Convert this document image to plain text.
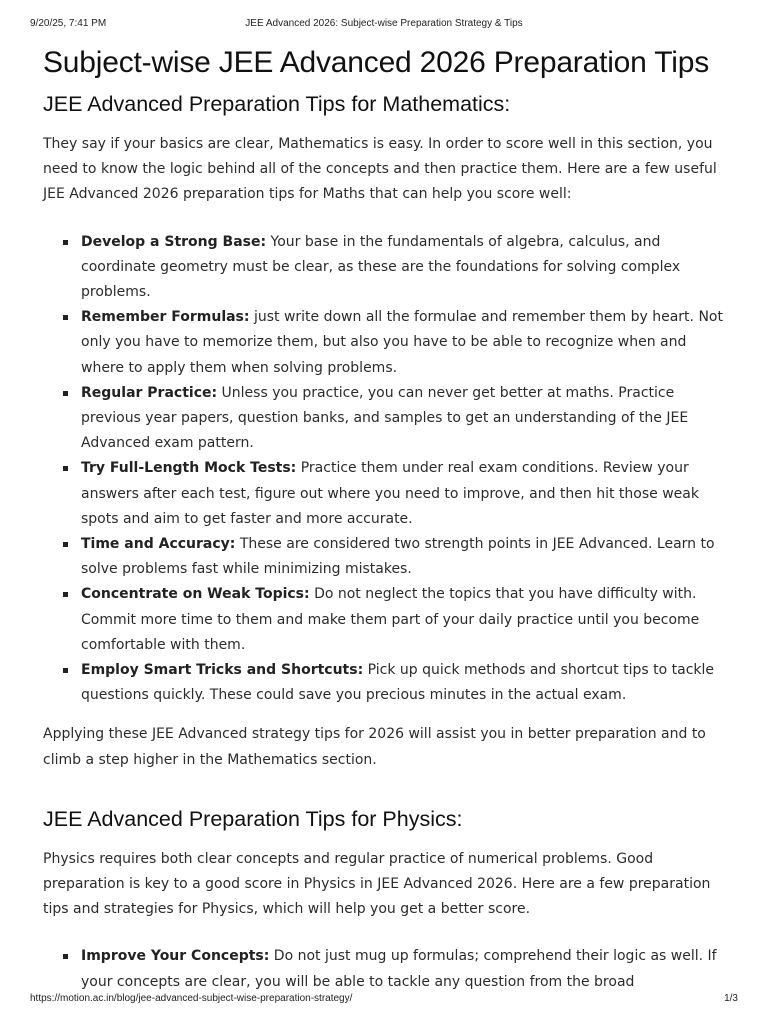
9/20/25, 7:41 PM	JEE Advanced 2026: Subject-wise Preparation Strategy & Tips
Subject-wise JEE Advanced 2026 Preparation Tips
JEE Advanced Preparation Tips for Mathematics:

They say if your basics are clear, Mathematics is easy. In order to score well in this section, you need to know the logic behind all of the concepts and then practice them. Here are a few useful JEE Advanced 2026 preparation tips for Maths that can help you score well:

Develop a Strong Base: Your base in the fundamentals of algebra, calculus, and coordinate geometry must be clear, as these are the foundations for solving complex problems.
Remember Formulas: just write down all the formulae and remember them by heart. Not only you have to memorize them, but also you have to be able to recognize when and where to apply them when solving problems.
Regular Practice: Unless you practice, you can never get better at maths. Practice previous year papers, question banks, and samples to get an understanding of the JEE Advanced exam pattern.
Try Full-Length Mock Tests: Practice them under real exam conditions. Review your answers after each test, figure out where you need to improve, and then hit those weak spots and aim to get faster and more accurate.
Time and Accuracy: These are considered two strength points in JEE Advanced. Learn to solve problems fast while minimizing mistakes.
Concentrate on Weak Topics: Do not neglect the topics that you have difficulty with. Commit more time to them and make them part of your daily practice until you become comfortable with them.
Employ Smart Tricks and Shortcuts: Pick up quick methods and shortcut tips to tackle questions quickly. These could save you precious minutes in the actual exam.

Applying these JEE Advanced strategy tips for 2026 will assist you in better preparation and to climb a step higher in the Mathematics section.

JEE Advanced Preparation Tips for Physics:

Physics requires both clear concepts and regular practice of numerical problems. Good preparation is key to a good score in Physics in JEE Advanced 2026. Here are a few preparation tips and strategies for Physics, which will help you get a better score.

Improve Your Concepts: Do not just mug up formulas; comprehend their logic as well. If your concepts are clear, you will be able to tackle any question from the broad
https://motion.ac.in/blog/jee-advanced-subject-wise-preparation-strategy/	1/3
